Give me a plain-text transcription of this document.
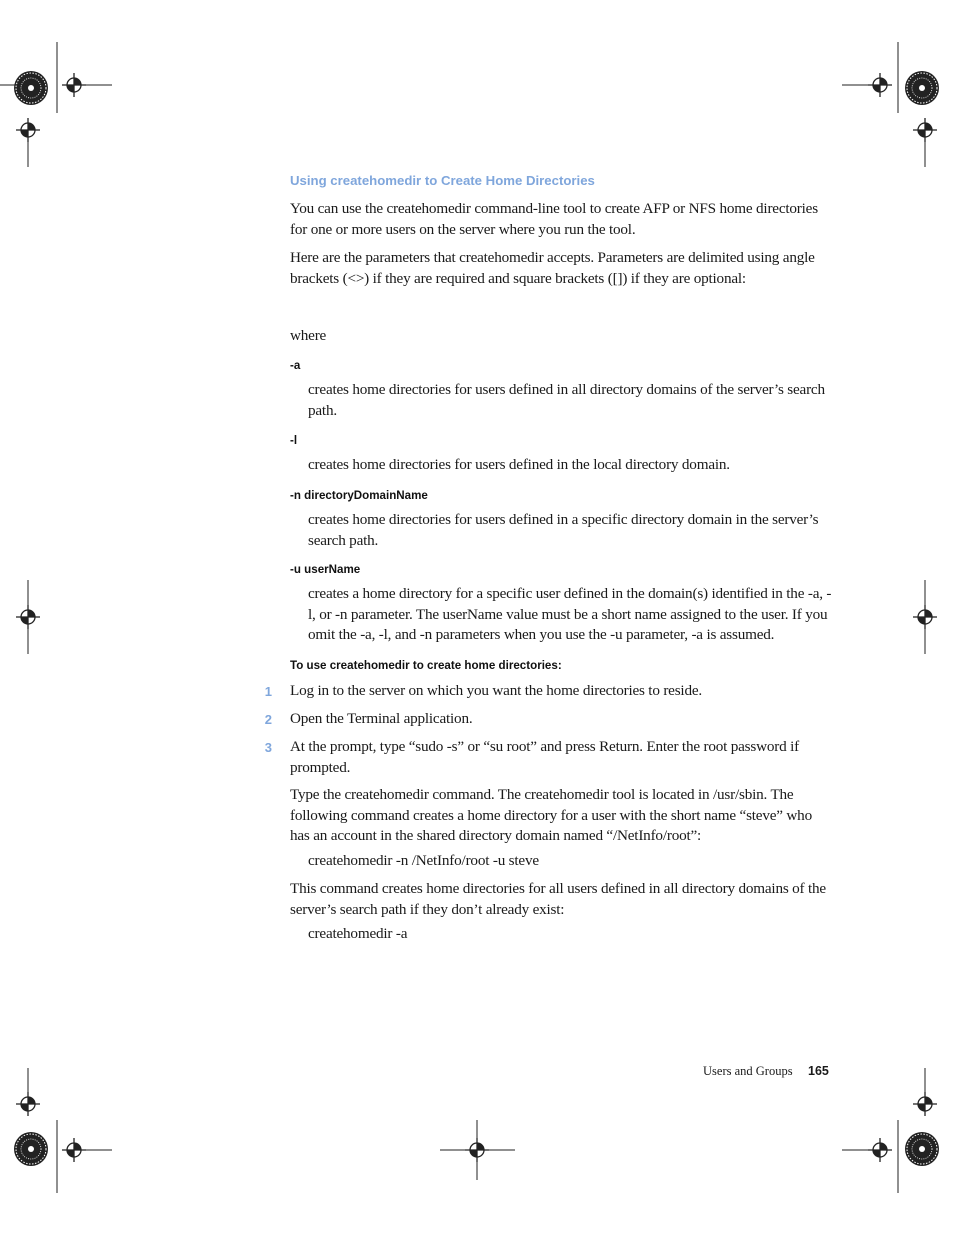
Using createhomedir to Create Home Directories
You can use the createhomedir command-line tool to create AFP or NFS home directories for one or more users on the server where you run the tool.
Here are the parameters that createhomedir accepts. Parameters are delimited using angle brackets (<>) if they are required and square brackets ([]) if they are optional:
where
-a
creates home directories for users defined in all directory domains of the server’s search path.
-l
creates home directories for users defined in the local directory domain.
-n directoryDomainName
creates home directories for users defined in a specific directory domain in the server’s search path.
-u userName
creates a home directory for a specific user defined in the domain(s) identified in the -a, -l, or -n parameter. The userName value must be a short name assigned to the user. If you omit the -a, -l, and -n parameters when you use the -u parameter, -a is assumed.
To use createhomedir to create home directories:
1 Log in to the server on which you want the home directories to reside.
2 Open the Terminal application.
3 At the prompt, type “sudo -s” or “su root” and press Return. Enter the root password if prompted.
Type the createhomedir command. The createhomedir tool is located in /usr/sbin. The following command creates a home directory for a user with the short name “steve” who has an account in the shared directory domain named “/NetInfo/root”:
createhomedir -n /NetInfo/root -u steve
This command creates home directories for all users defined in all directory domains of the server’s search path if they don’t already exist:
createhomedir -a
Users and Groups 165
